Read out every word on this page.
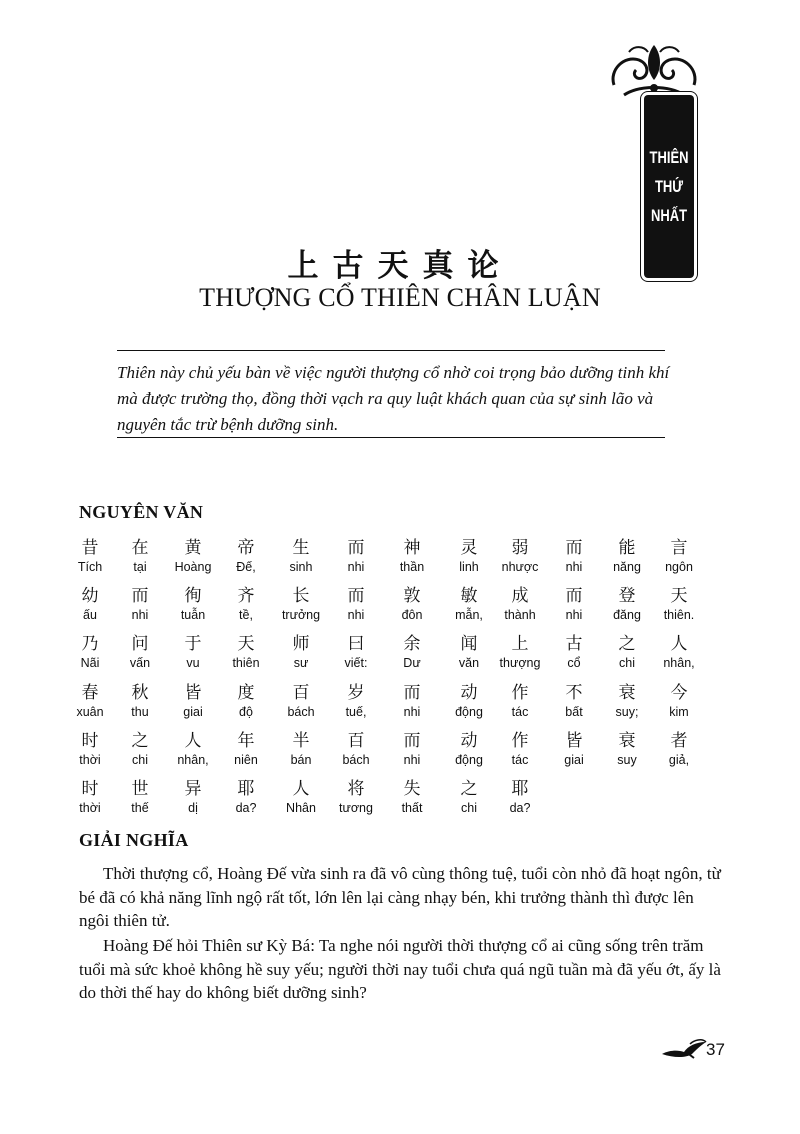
THIÊN
THỨ
NHẤT
上古天真论
THƯỢNG CỔ THIÊN CHÂN LUẬN
Thiên này chủ yếu bàn về việc người thượng cổ nhờ coi trọng bảo dưỡng tinh khí mà được trường thọ, đồng thời vạch ra quy luật khách quan của sự sinh lão và nguyên tắc trừ bệnh dưỡng sinh.
NGUYÊN VĂN
昔
Tích
在
tại
黄
Hoàng
帝
Đế,
生
sinh
而
nhi
神
thần
灵
linh
弱
nhược
而
nhi
能
năng
言
ngôn
幼
ấu
而
nhi
徇
tuẫn
齐
tề,
长
trưởng
而
nhi
敦
đôn
敏
mẫn,
成
thành
而
nhi
登
đăng
天
thiên.
乃
Nãi
问
vấn
于
vu
天
thiên
师
sư
曰
viết:
余
Dư
闻
văn
上
thượng
古
cổ
之
chi
人
nhân,
春
xuân
秋
thu
皆
giai
度
độ
百
bách
岁
tuế,
而
nhi
动
động
作
tác
不
bất
衰
suy;
今
kim
时
thời
之
chi
人
nhân,
年
niên
半
bán
百
bách
而
nhi
动
động
作
tác
皆
giai
衰
suy
者
giả,
时
thời
世
thế
异
dị
耶
da?
人
Nhân
将
tương
失
thất
之
chi
耶
da?
GIẢI NGHĨA

Thời thượng cổ, Hoàng Đế vừa sinh ra đã vô cùng thông tuệ, tuổi còn nhỏ đã hoạt ngôn, từ bé đã có khả năng lĩnh ngộ rất tốt, lớn lên lại càng nhạy bén, khi trưởng thành thì được lên ngôi thiên tử.

Hoàng Đế hỏi Thiên sư Kỳ Bá: Ta nghe nói người thời thượng cổ ai cũng sống trên trăm tuổi mà sức khoẻ không hề suy yếu; người thời nay tuổi chưa quá ngũ tuần mà đã yếu ớt, ấy là do thời thế hay do không biết dưỡng sinh?

37
